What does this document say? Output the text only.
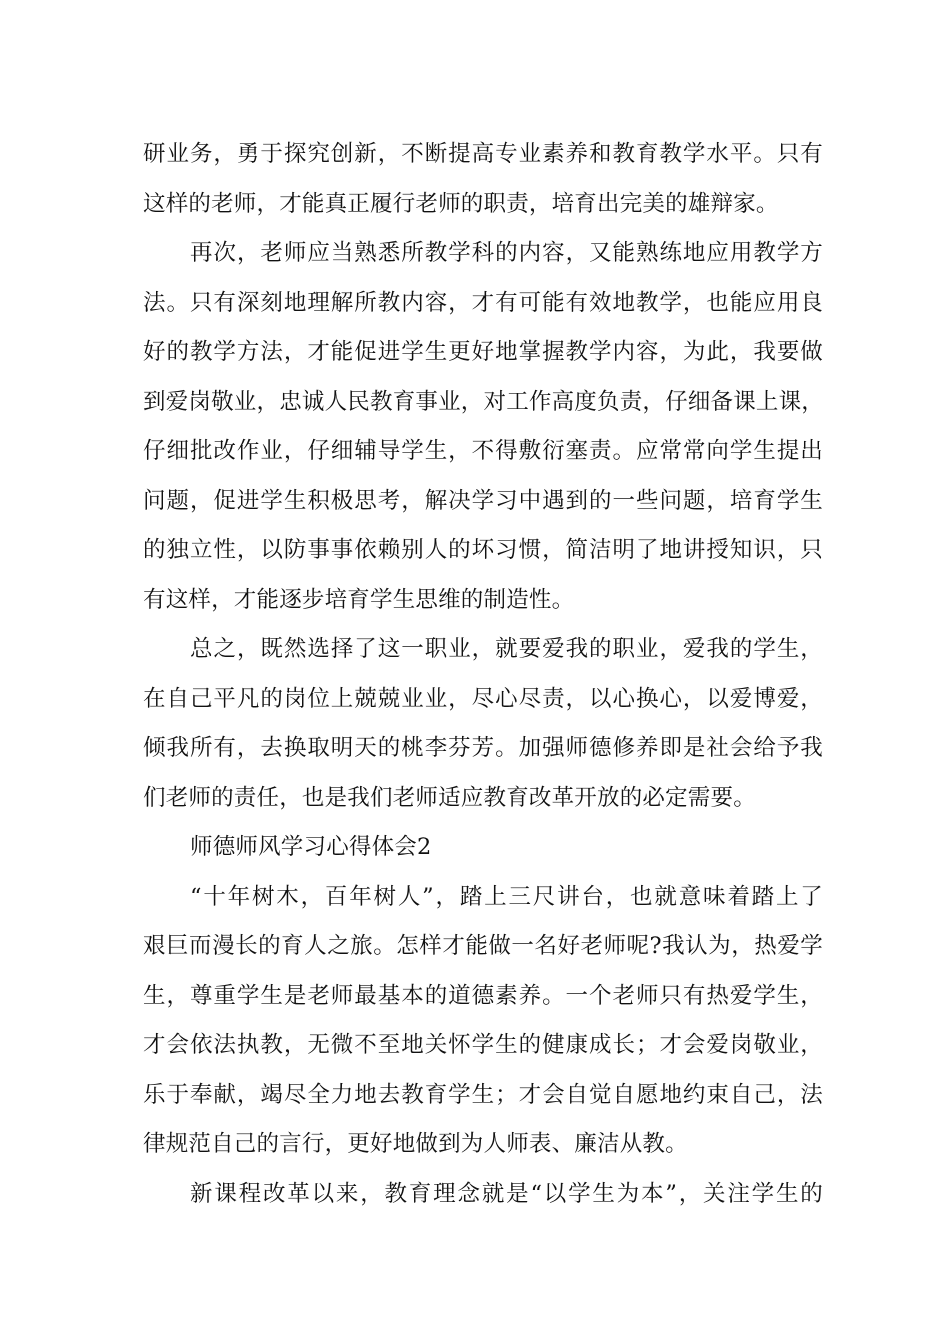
研业务，勇于探究创新，不断提高专业素养和教育教学水平。只有
这样的老师，才能真正履行老师的职责，培育出完美的雄辩家。
再次，老师应当熟悉所教学科的内容，又能熟练地应用教学方
法。只有深刻地理解所教内容，才有可能有效地教学，也能应用良
好的教学方法，才能促进学生更好地掌握教学内容，为此，我要做
到爱岗敬业，忠诚人民教育事业，对工作高度负责，仔细备课上课，
仔细批改作业，仔细辅导学生，不得敷衍塞责。应常常向学生提出
问题，促进学生积极思考，解决学习中遇到的一些问题，培育学生
的独立性，以防事事依赖别人的坏习惯，简洁明了地讲授知识，只
有这样，才能逐步培育学生思维的制造性。
总之，既然选择了这一职业，就要爱我的职业，爱我的学生，
在自己平凡的岗位上兢兢业业，尽心尽责，以心换心，以爱博爱，
倾我所有，去换取明天的桃李芬芳。加强师德修养即是社会给予我
们老师的责任，也是我们老师适应教育改革开放的必定需要。
师德师风学习心得体会2
“十年树木，百年树人”，踏上三尺讲台，也就意味着踏上了
艰巨而漫长的育人之旅。怎样才能做一名好老师呢?我认为，热爱学
生，尊重学生是老师最基本的道德素养。一个老师只有热爱学生，
才会依法执教，无微不至地关怀学生的健康成长；才会爱岗敬业，
乐于奉献，竭尽全力地去教育学生；才会自觉自愿地约束自己，法
律规范自己的言行，更好地做到为人师表、廉洁从教。
新课程改革以来，教育理念就是“以学生为本”，关注学生的
